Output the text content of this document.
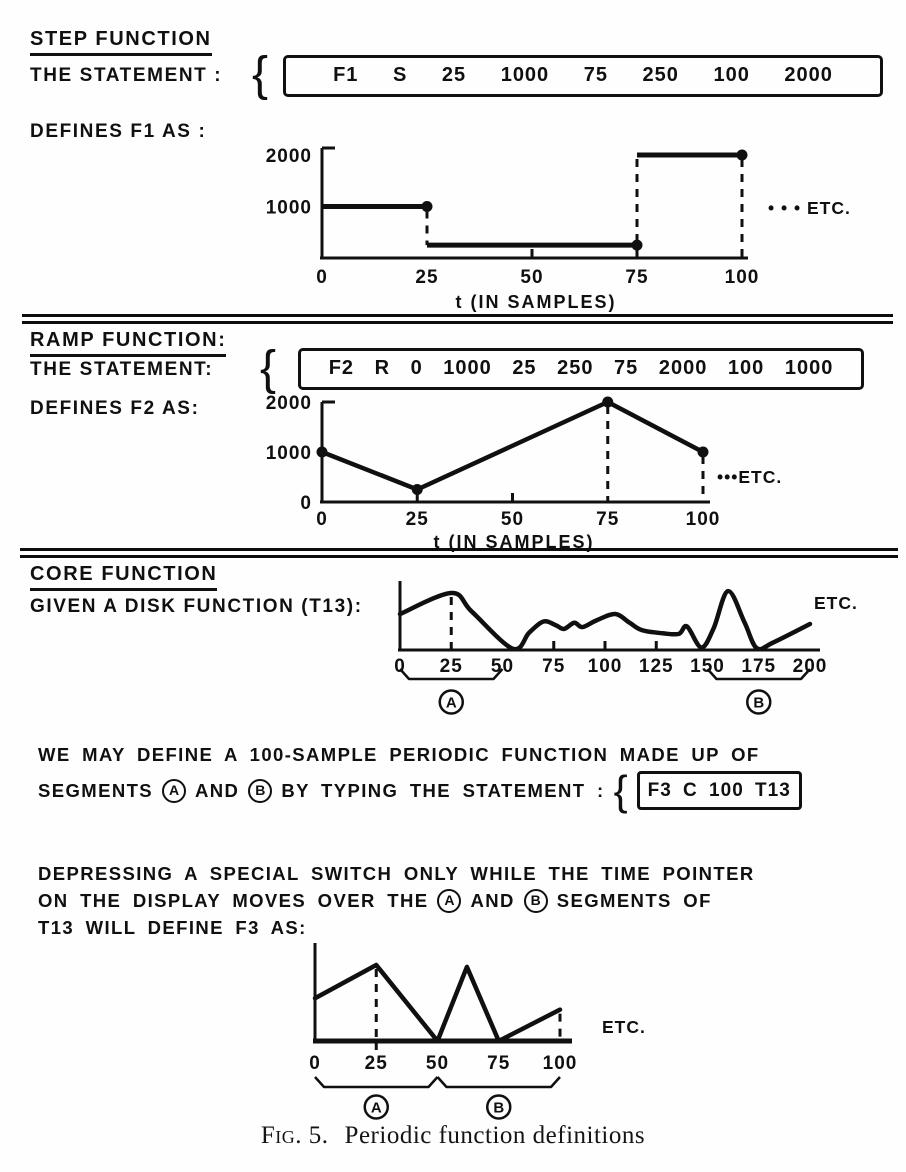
STEP FUNCTION
THE STATEMENT : {	F1 S 25 1000 75 250 100 2000
DEFINES F1 AS :
0	25	50	75	100
1000
2000
t (IN SAMPLES)
• • • ETC.
RAMP FUNCTION:
THE STATEMENT: {	F2 R 0 1000 25 250 75 2000 100 1000
DEFINES F2 AS:
0	25	50	75	100
0
1000
2000
t (IN SAMPLES)
•••ETC.
CORE FUNCTION
GIVEN A DISK FUNCTION (T13):
0 25 50 75 100 125 150 175 200
ETC.
A	B
WE MAY DEFINE A 100-SAMPLE PERIODIC FUNCTION MADE UP OF
SEGMENTS	A AND	B BY TYPING THE STATEMENT : {	F3 C 100 T13
DEPRESSING A SPECIAL SWITCH ONLY WHILE THE TIME POINTER
ON THE DISPLAY MOVES OVER THE	A AND	B SEGMENTS OF
T13 WILL DEFINE F3 AS:
0 25 50 75 100
ETC.
A	B
Fig. 5. Periodic function definitions
